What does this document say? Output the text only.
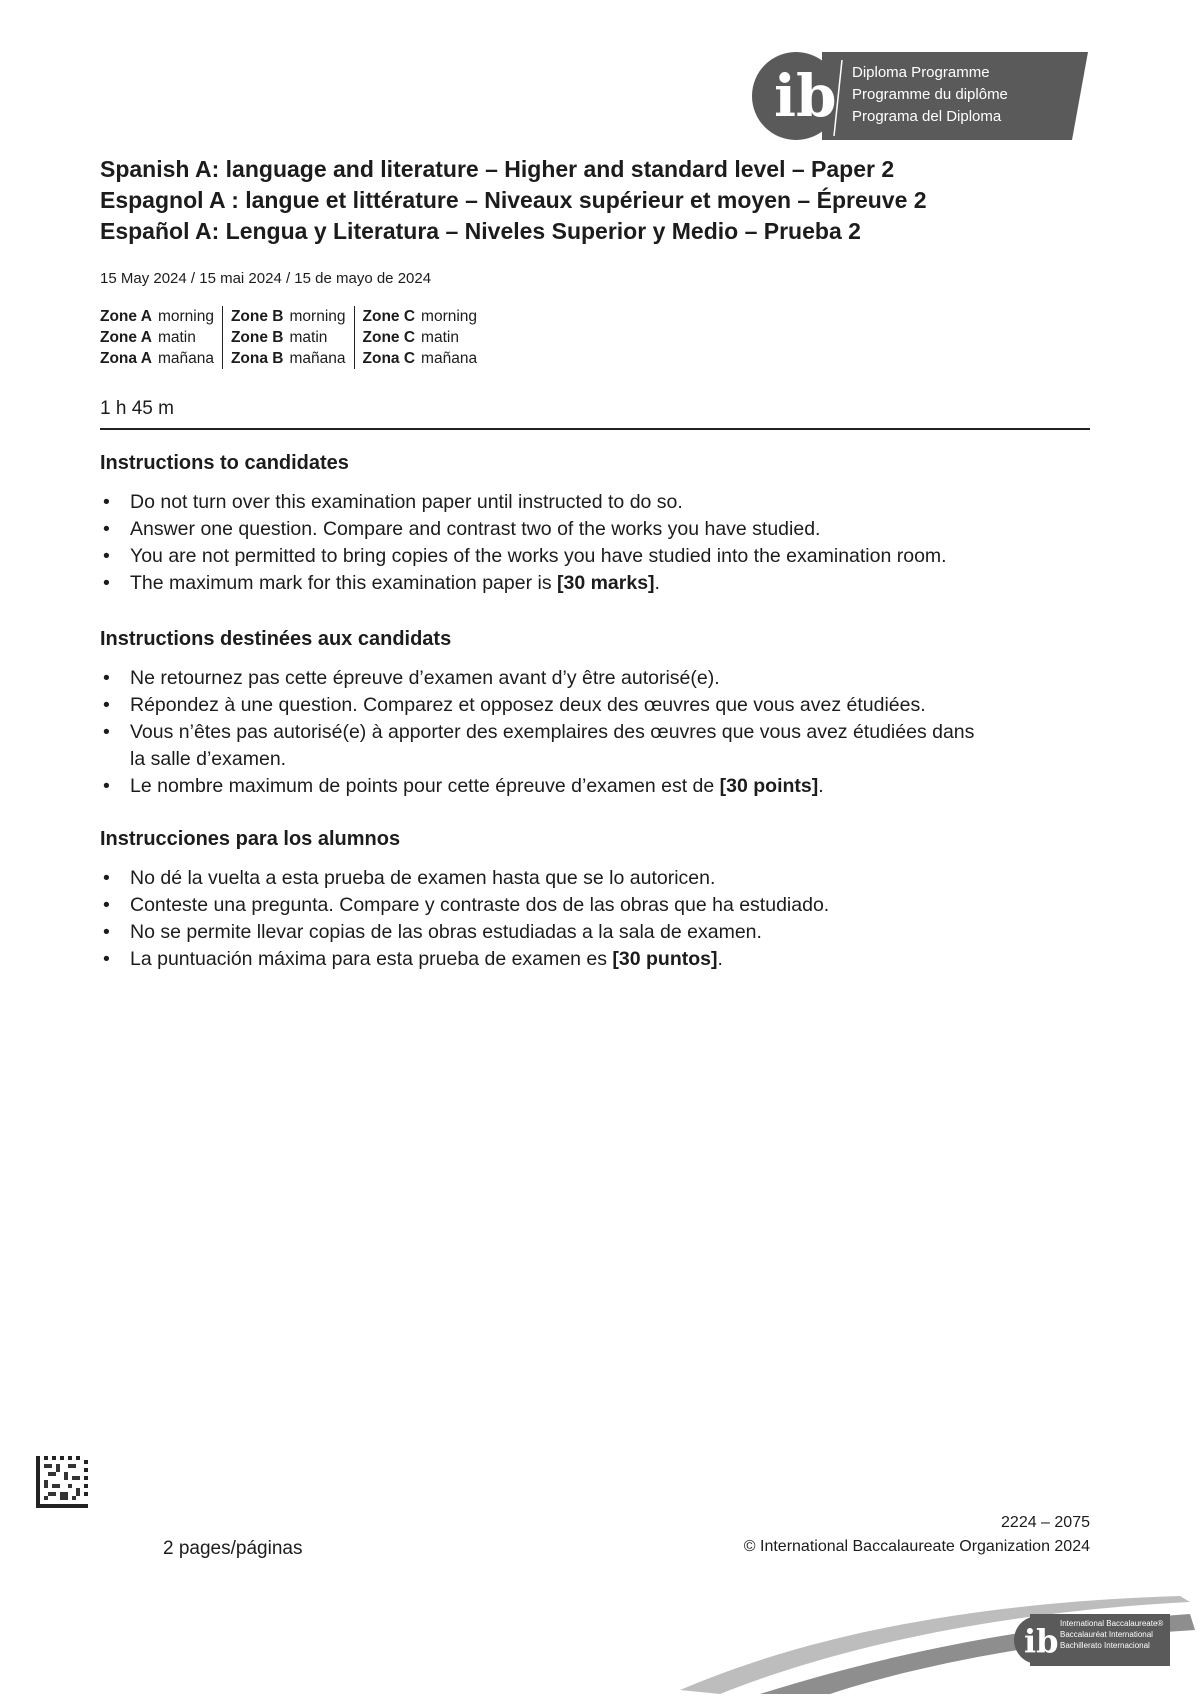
ib Diploma Programme
Programme du diplôme
Programa del Diploma
Spanish A: language and literature – Higher and standard level – Paper 2
Espagnol A : langue et littérature – Niveaux supérieur et moyen – Épreuve 2
Español A: Lengua y Literatura – Niveles Superior y Medio – Prueba 2
15 May 2024 / 15 mai 2024 / 15 de mayo de 2024
Zone A morning
Zone A matin
Zona A mañana
Zone B morning
Zone B matin
Zona B mañana
Zone C morning
Zone C matin
Zona C mañana
1 h 45 m
Instructions to candidates
• Do not turn over this examination paper until instructed to do so.
• Answer one question. Compare and contrast two of the works you have studied.
• You are not permitted to bring copies of the works you have studied into the examination room.
• The maximum mark for this examination paper is [30 marks].
Instructions destinées aux candidats
• Ne retournez pas cette épreuve d’examen avant d’y être autorisé(e).
• Répondez à une question. Comparez et opposez deux des œuvres que vous avez étudiées.
• Vous n’êtes pas autorisé(e) à apporter des exemplaires des œuvres que vous avez étudiées dans la salle d’examen.
• Le nombre maximum de points pour cette épreuve d’examen est de [30 points].
Instrucciones para los alumnos
• No dé la vuelta a esta prueba de examen hasta que se lo autoricen.
• Conteste una pregunta. Compare y contraste dos de las obras que ha estudiado.
• No se permite llevar copias de las obras estudiadas a la sala de examen.
• La puntuación máxima para esta prueba de examen es [30 puntos].
2 pages/páginas
2224 – 2075
© International Baccalaureate Organization 2024
ib International Baccalaureate®
Baccalauréat International
Bachillerato Internacional
